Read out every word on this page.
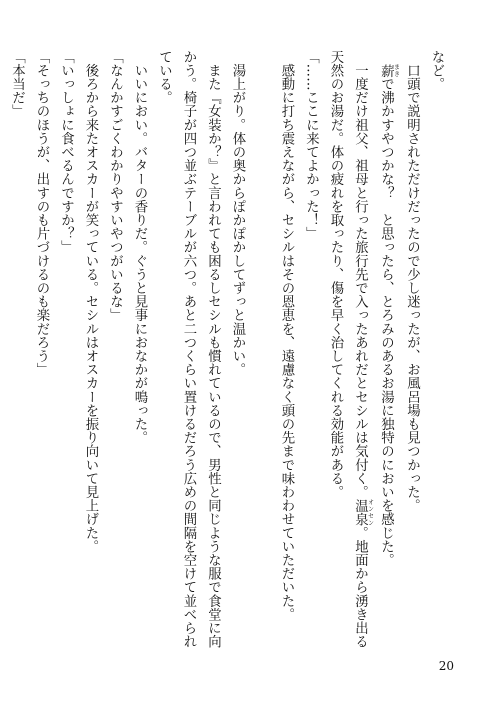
など。
　口頭で説明されただけだったので少し迷ったが、お風呂場も見つかった。
　薪 まきで沸かすやつかな？　と思ったら、とろみのあるお湯に独特のにおいを感じた。
　一度だけ祖父、祖母と行った旅行先で入ったあれだとセシルは気付く。温泉 オンセン。地面から湧き出る
天然のお湯だ。体の疲れを取ったり、傷を早く治してくれる効能がある。
「……ここに来てよかった！」
　感動に打ち震えながら、セシルはその恩恵を、遠慮なく頭の先まで味わわせていただいた。
　湯上がり。体の奥からぽかぽかしてずっと温かい。
　また『女装か？』と言われても困るしセシルも慣れているので、男性と同じような服で食堂に向
かう。椅子が四つ並ぶテーブルが六つ。あと二つくらい置けるだろう広めの間隔を空けて並べられ
ている。
　いいにおい。バターの香りだ。ぐうと見事におなかが鳴った。
「なんかすごくわかりやすいやつがいるな」
　後ろから来たオスカーが笑っている。セシルはオスカーを振り向いて見上げた。
「いっしょに食べるんですか？」
「そっちのほうが、出すのも片づけるのも楽だろう」
「本当だ」
20
